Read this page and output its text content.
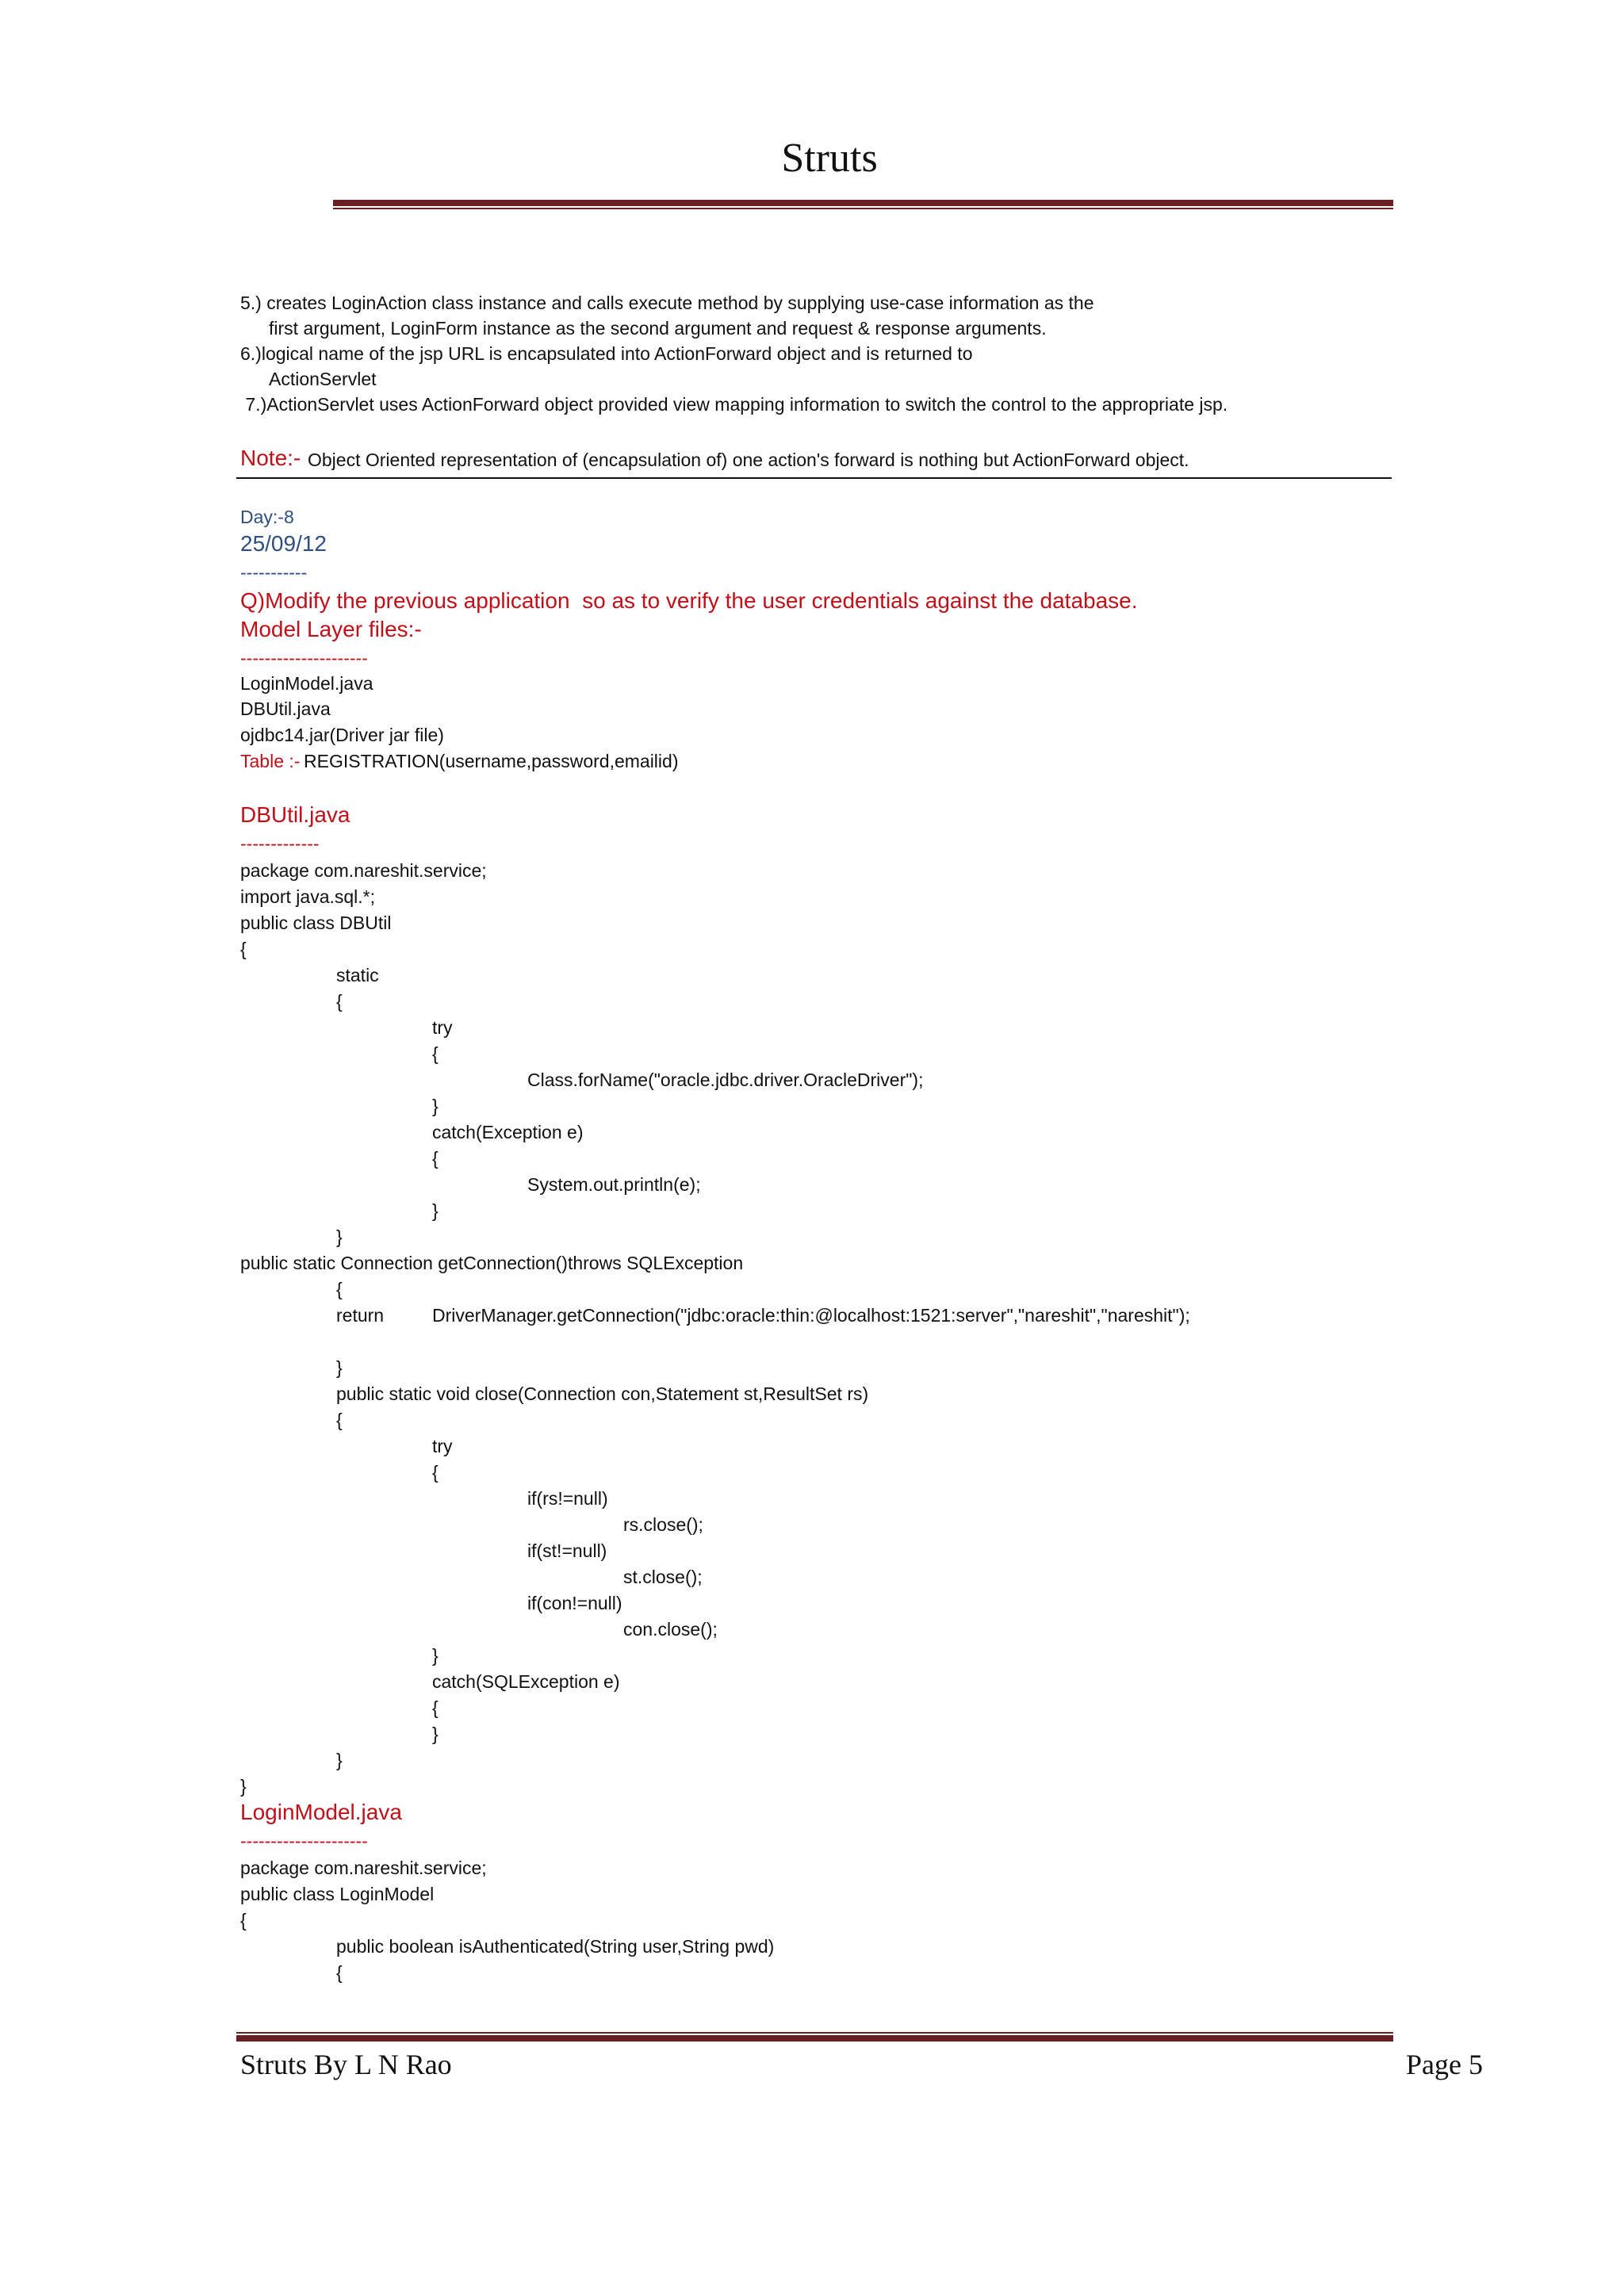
Struts
5.) creates LoginAction class instance and calls execute method by supplying use-case information as the
first argument, LoginForm instance as the second argument and request & response arguments.
6.)logical name of the jsp URL is encapsulated into ActionForward object and is returned to
ActionServlet
7.)ActionServlet uses ActionForward object provided view mapping information to switch the control to the appropriate jsp.
Note:- Object Oriented representation of (encapsulation of) one action's forward is nothing but ActionForward object.
Day:-8
25/09/12
-----------
Q)Modify the previous application  so as to verify the user credentials against the database.
Model Layer files:-
---------------------
LoginModel.java
DBUtil.java
ojdbc14.jar(Driver jar file)
Table :- REGISTRATION(username,password,emailid)
DBUtil.java
-------------
package com.nareshit.service;
import java.sql.*;
public class DBUtil
{
static
{
try
{
Class.forName("oracle.jdbc.driver.OracleDriver");
}
catch(Exception e)
{
System.out.println(e);
}
}
public static Connection getConnection()throws SQLException
{
return	DriverManager.getConnection("jdbc:oracle:thin:@localhost:1521:server","nareshit","nareshit");
}
public static void close(Connection con,Statement st,ResultSet rs)
{
try
{
if(rs!=null)
rs.close();
if(st!=null)
st.close();
if(con!=null)
con.close();
}
catch(SQLException e)
{
}
}
}
LoginModel.java
---------------------
package com.nareshit.service;
public class LoginModel
{
public boolean isAuthenticated(String user,String pwd)
{
Struts By L N Rao	Page 5
